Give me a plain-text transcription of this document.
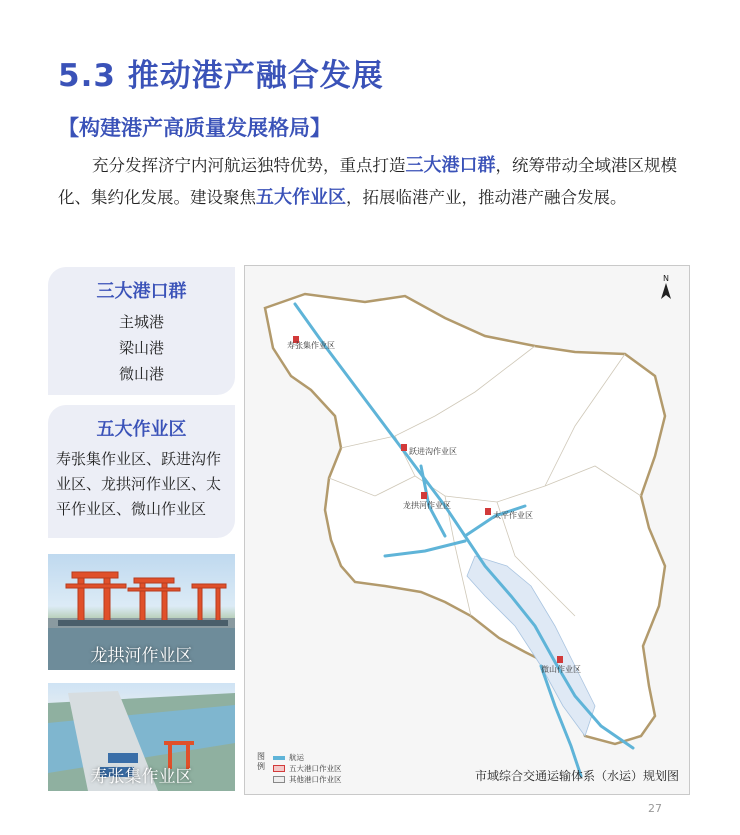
5.3 推动港产融合发展
【构建港产高质量发展格局】
充分发挥济宁内河航运独特优势，重点打造三大港口群，统筹带动全域港区规模化、集约化发展。建设聚焦五大作业区，拓展临港产业，推动港产融合发展。
三大港口群
主城港
梁山港
微山港
五大作业区
寿张集作业区、跃进沟作业区、龙拱河作业区、太平作业区、微山作业区
龙拱河作业区
寿张集作业区
寿张集作业区
跃进沟作业区
龙拱河作业区
太平作业区
微山作业区
N
图例
航运
五大港口作业区
其他港口作业区	市域综合交通运输体系（水运）规划图
27
